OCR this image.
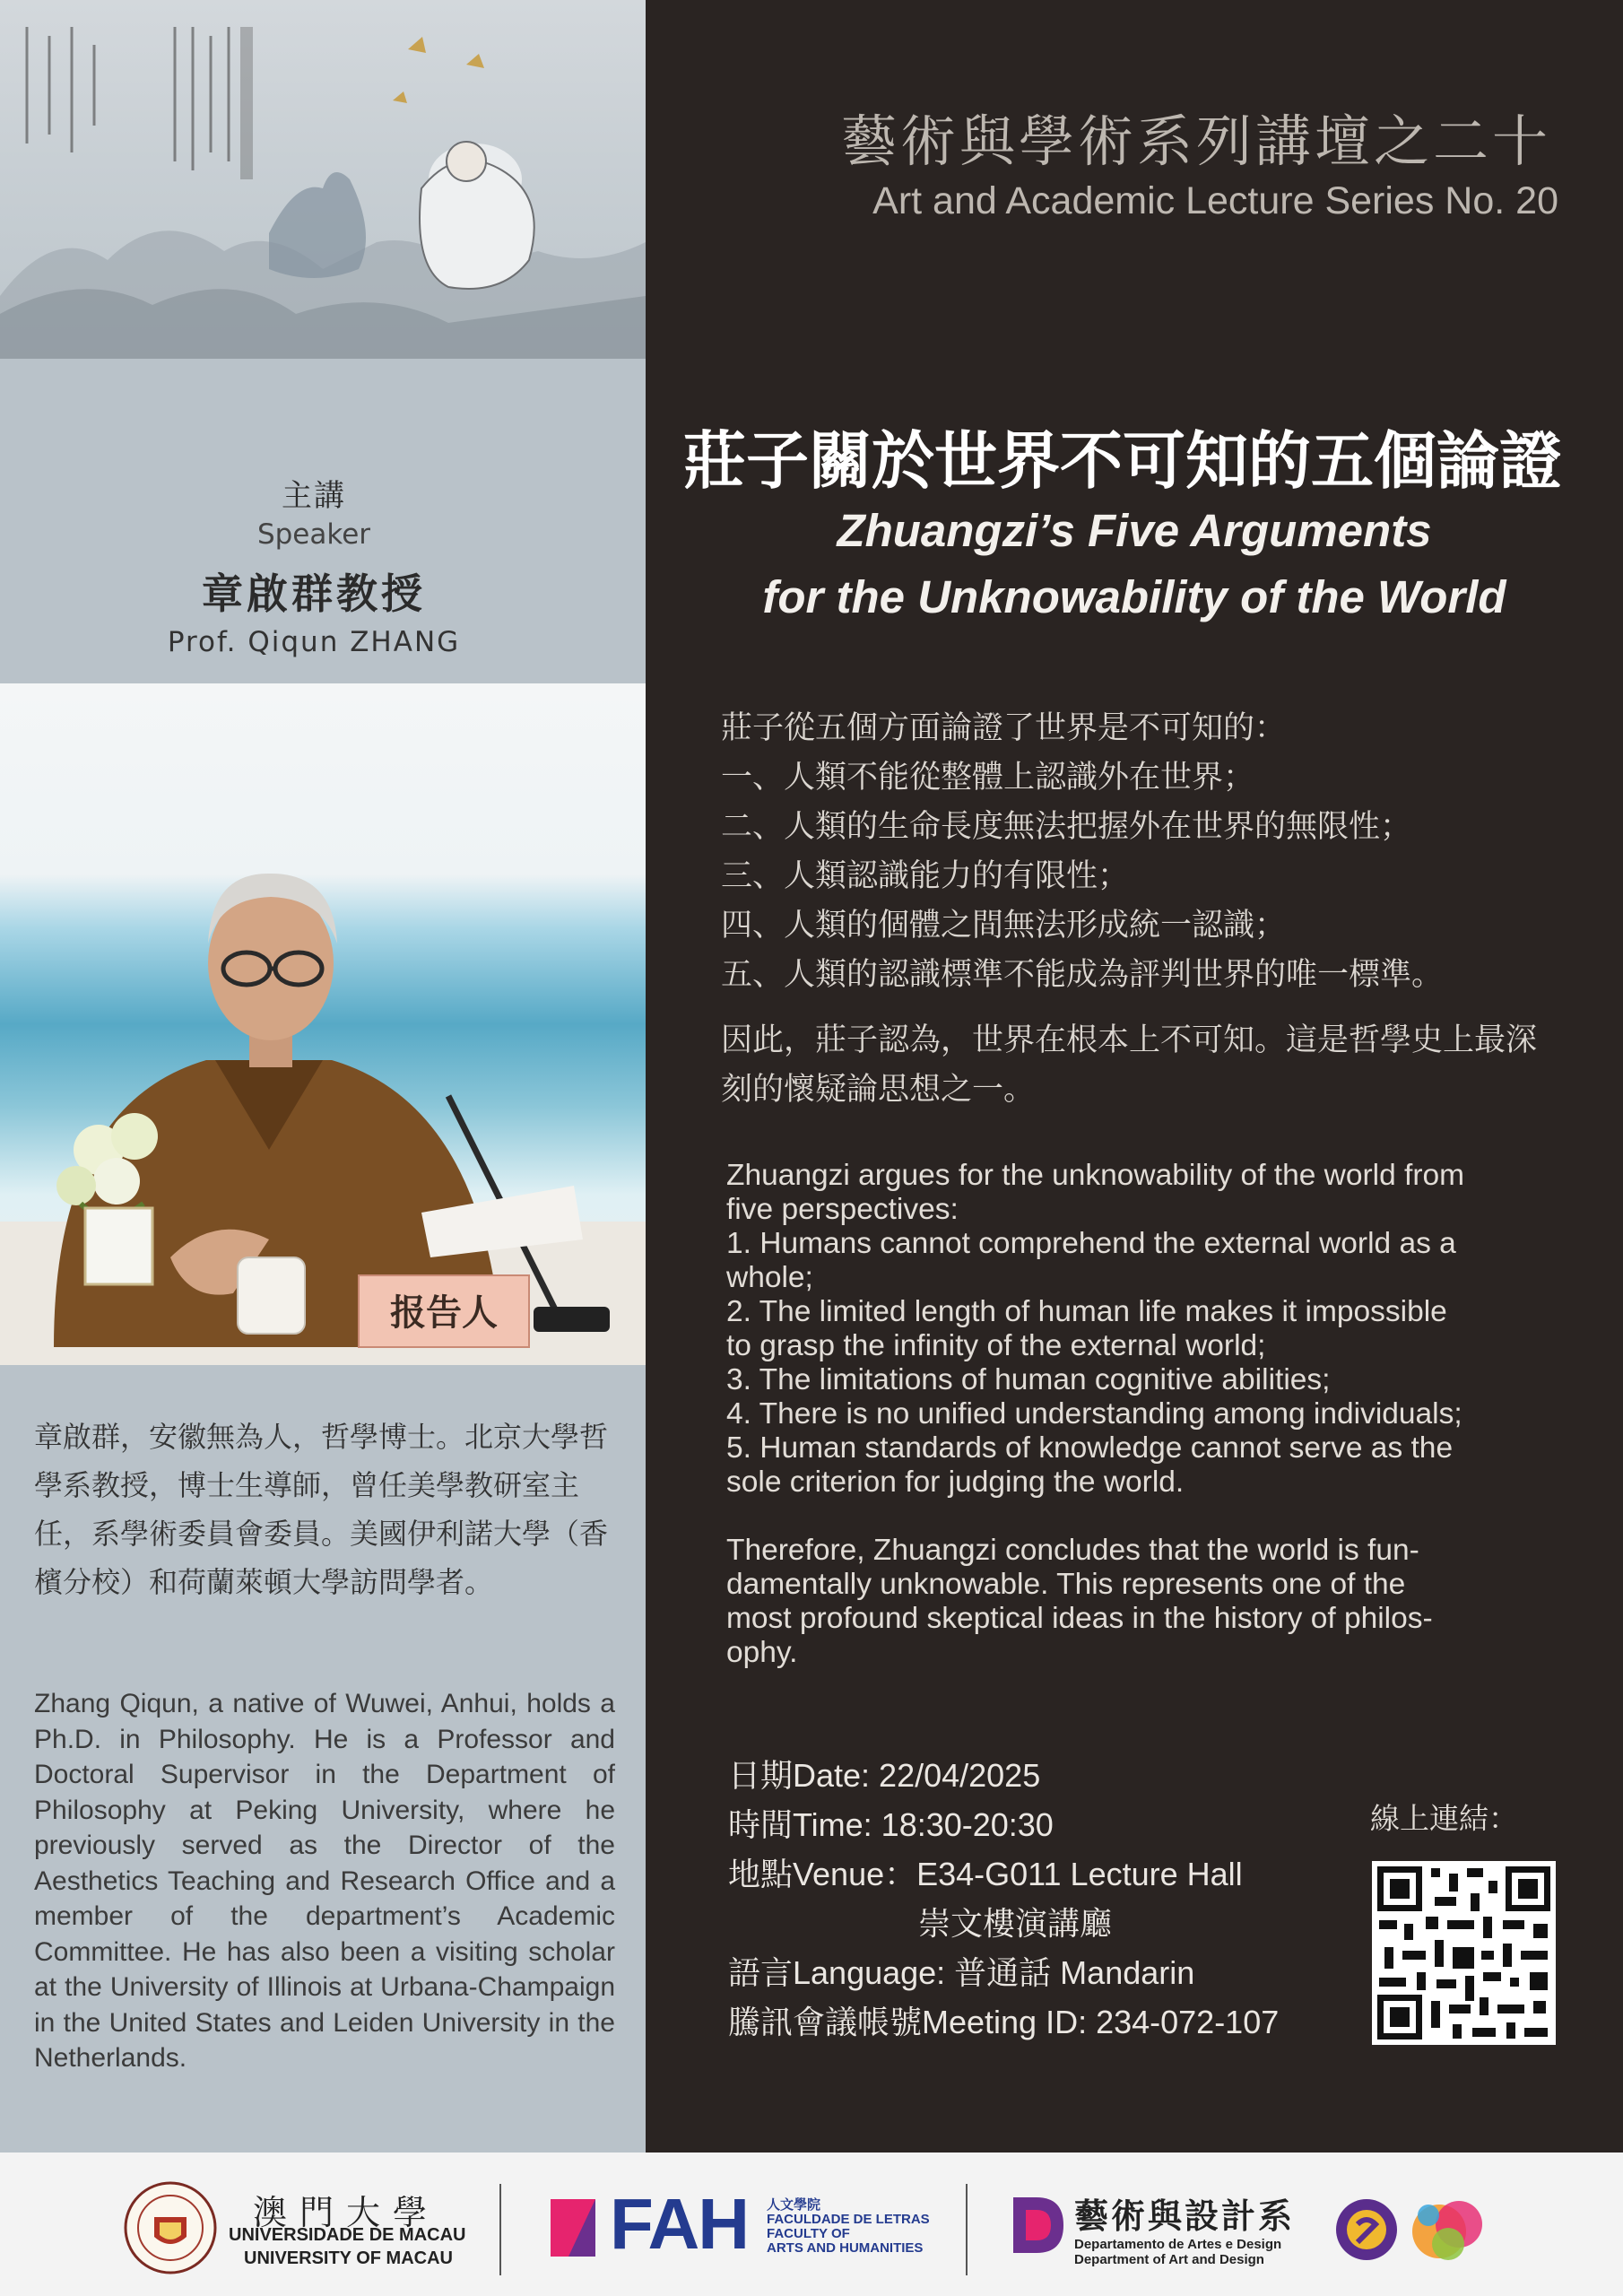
主講
Speaker
章啟群教授
Prof. Qiqun ZHANG
报告人
章啟群，安徽無為人，哲學博士。北京大學哲學系教授，博士生導師，曾任美學教研室主任，系學術委員會委員。美國伊利諾大學（香檳分校）和荷蘭萊頓大學訪問學者。
Zhang Qiqun, a native of Wuwei, Anhui, holds a Ph.D. in Philosophy. He is a Professor and Doctoral Supervisor in the Department of Philosophy at Peking University, where he previously served as the Director of the Aesthetics Teaching and Research Office and a member of the department’s Academic Committee. He has also been a visiting scholar at the University of Illinois at Urbana-Champaign in the United States and Leiden University in the Netherlands.
藝術與學術系列講壇之二十
Art and Academic Lecture Series No. 20
莊子關於世界不可知的五個論證
Zhuangzi’s Five Arguments
for the Unknowability of the World

莊子從五個方面論證了世界是不可知的：

一、人類不能從整體上認識外在世界；

二、人類的生命長度無法把握外在世界的無限性；

三、人類認識能力的有限性；

四、人類的個體之間無法形成統一認識；

五、人類的認識標準不能成為評判世界的唯一標準。

因此，莊子認為，世界在根本上不可知。這是哲學史上最深

刻的懷疑論思想之一。

Zhuangzi argues for the unknowability of the world from

five perspectives:

1. Humans cannot comprehend the external world as a

whole;

2. The limited length of human life makes it impossible

to grasp the infinity of the external world;

3. The limitations of human cognitive abilities;

4. There is no unified understanding among individuals;

5. Human standards of knowledge cannot serve as the

sole criterion for judging the world.

Therefore, Zhuangzi concludes that the world is fun-

damentally unknowable. This represents one of the

most profound skeptical ideas in the history of philos-

ophy.

日期Date: 22/04/2025
時間Time: 18:30-20:30
地點Venue：E34-G011 Lecture Hall
崇文樓演講廳
語言Language: 普通話 Mandarin
騰訊會議帳號Meeting ID: 234-072-107
線上連結：
澳門大學
UNIVERSIDADE DE MACAU
UNIVERSITY OF MACAU FAH 人文學院
FACULDADE DE LETRAS
FACULTY OF
ARTS AND HUMANITIES
藝術與設計系
Departamento de Artes e Design
Department of Art and Design
